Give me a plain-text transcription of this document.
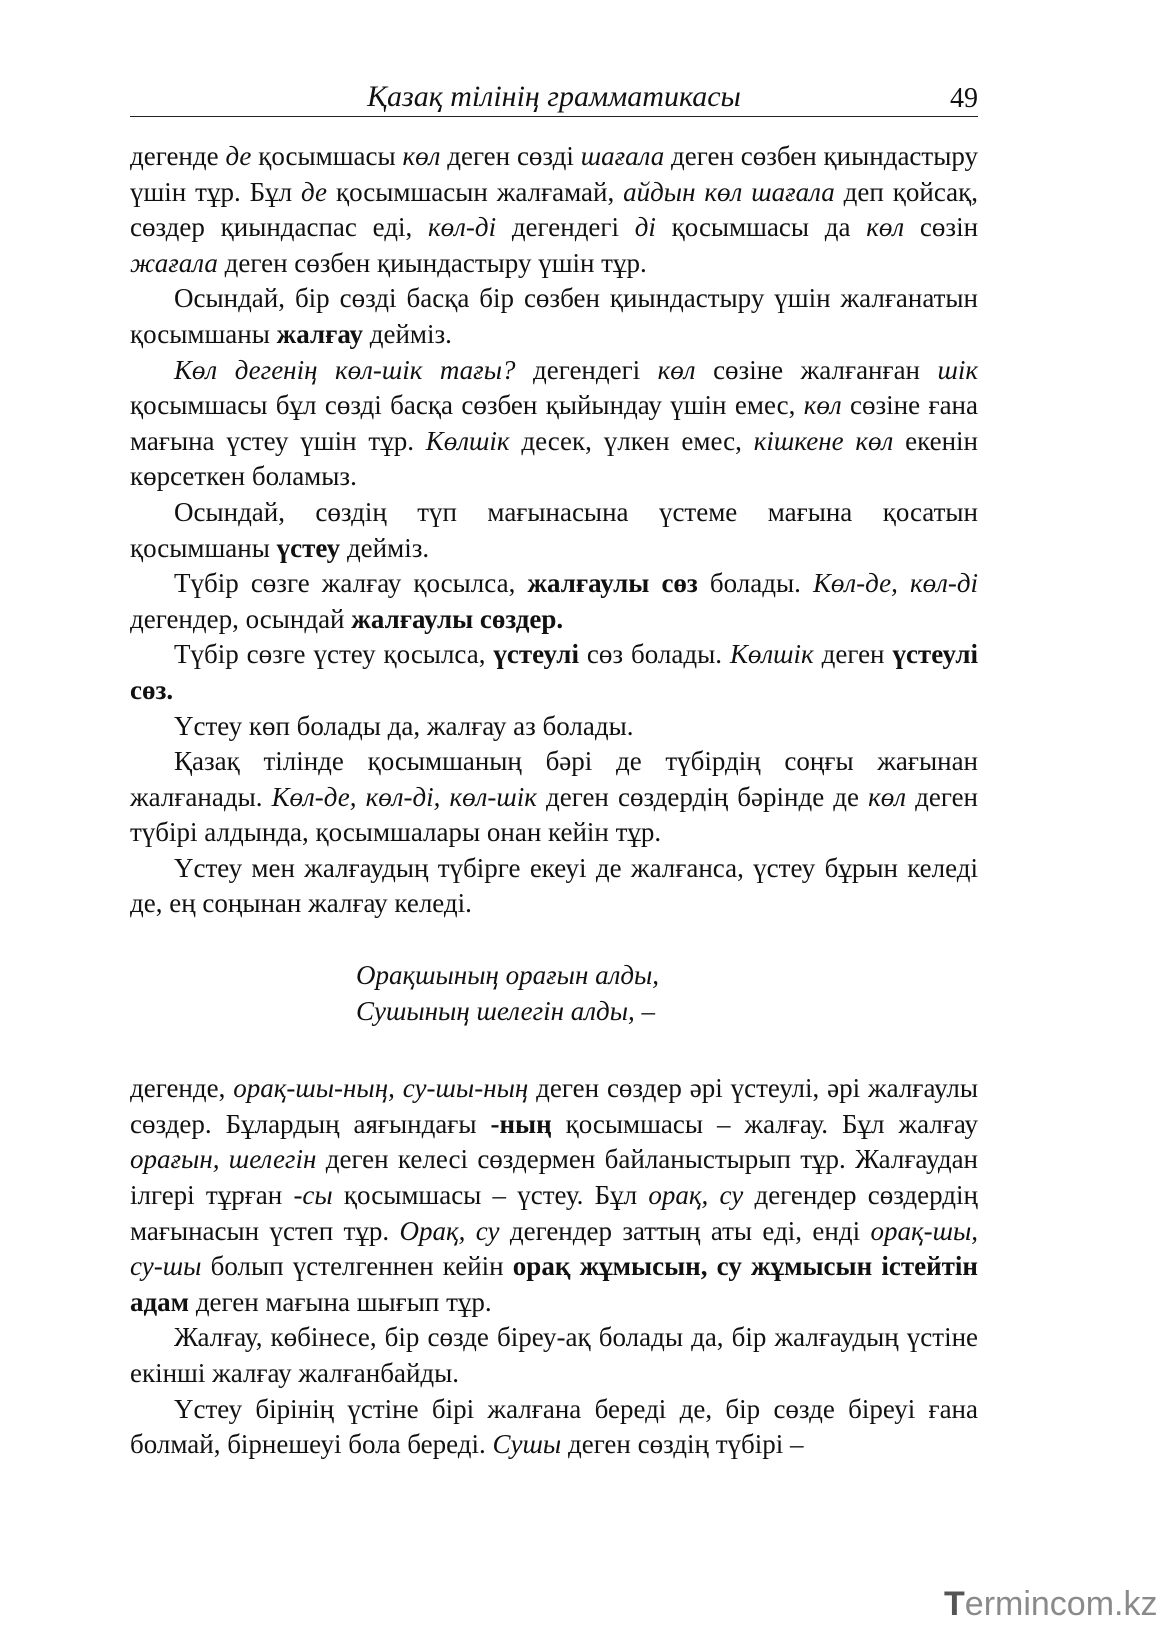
Қазақ тілінің грамматикасы	49

дегенде де қосымшасы көл деген сөзді шағала деген сөзбен қиындастыру үшін тұр. Бұл де қосымшасын жалғамай, айдын көл шағала деп қойсақ, сөздер қиындаспас еді, көл-ді дегендегі ді қосымшасы да көл сөзін жағала деген сөзбен қиындастыру үшін тұр.

Осындай, бір сөзді басқа бір сөзбен қиындастыру үшін жалғанатын қосымшаны жалғау дейміз.

Көл дегенің көл-шік тағы? дегендегі көл сөзіне жалғанған шік қосымшасы бұл сөзді басқа сөзбен қыйындау үшін емес, көл сөзіне ғана мағына үстеу үшін тұр. Көлшік десек, үлкен емес, кішкене көл екенін көрсеткен боламыз.

Осындай, сөздің түп мағынасына үстеме мағына қосатын қосымшаны үстеу дейміз.

Түбір сөзге жалғау қосылса, жалғаулы сөз болады. Көл-де, көл-ді дегендер, осындай жалғаулы сөздер.

Түбір сөзге үстеу қосылса, үстеулі сөз болады. Көлшік деген үстеулі сөз.

Үстеу көп болады да, жалғау аз болады.

Қазақ тілінде қосымшаның бәрі де түбірдің соңғы жағынан жалғанады. Көл-де, көл-ді, көл-шік деген сөздердің бәрінде де көл деген түбірі алдында, қосымшалары онан кейін тұр.

Үстеу мен жалғаудың түбірге екеуі де жалғанса, үстеу бұрын келеді де, ең соңынан жалғау келеді.

Орақшының орағын алды,
Сушының шелегін алды, –

дегенде, орақ-шы-ның, су-шы-ның деген сөздер әрі үстеулі, әрі жалғаулы сөздер. Бұлардың аяғындағы -ның қосымшасы – жалғау. Бұл жалғау орағын, шелегін деген келесі сөздермен байланыстырып тұр. Жалғаудан ілгері тұрған -сы қосымшасы – үстеу. Бұл орақ, су дегендер сөздердің мағынасын үстеп тұр. Орақ, су дегендер заттың аты еді, енді орақ-шы, су-шы болып үстелгеннен кейін орақ жұмысын, су жұмысын істейтін адам деген мағына шығып тұр.

Жалғау, көбінесе, бір сөзде біреу-ақ болады да, бір жалғаудың үстіне екінші жалғау жалғанбайды.

Үстеу бірінің үстіне бірі жалғана береді де, бір сөзде біреуі ғана болмай, бірнешеуі бола береді. Сушы деген сөздің түбірі –

Termincom.kz
